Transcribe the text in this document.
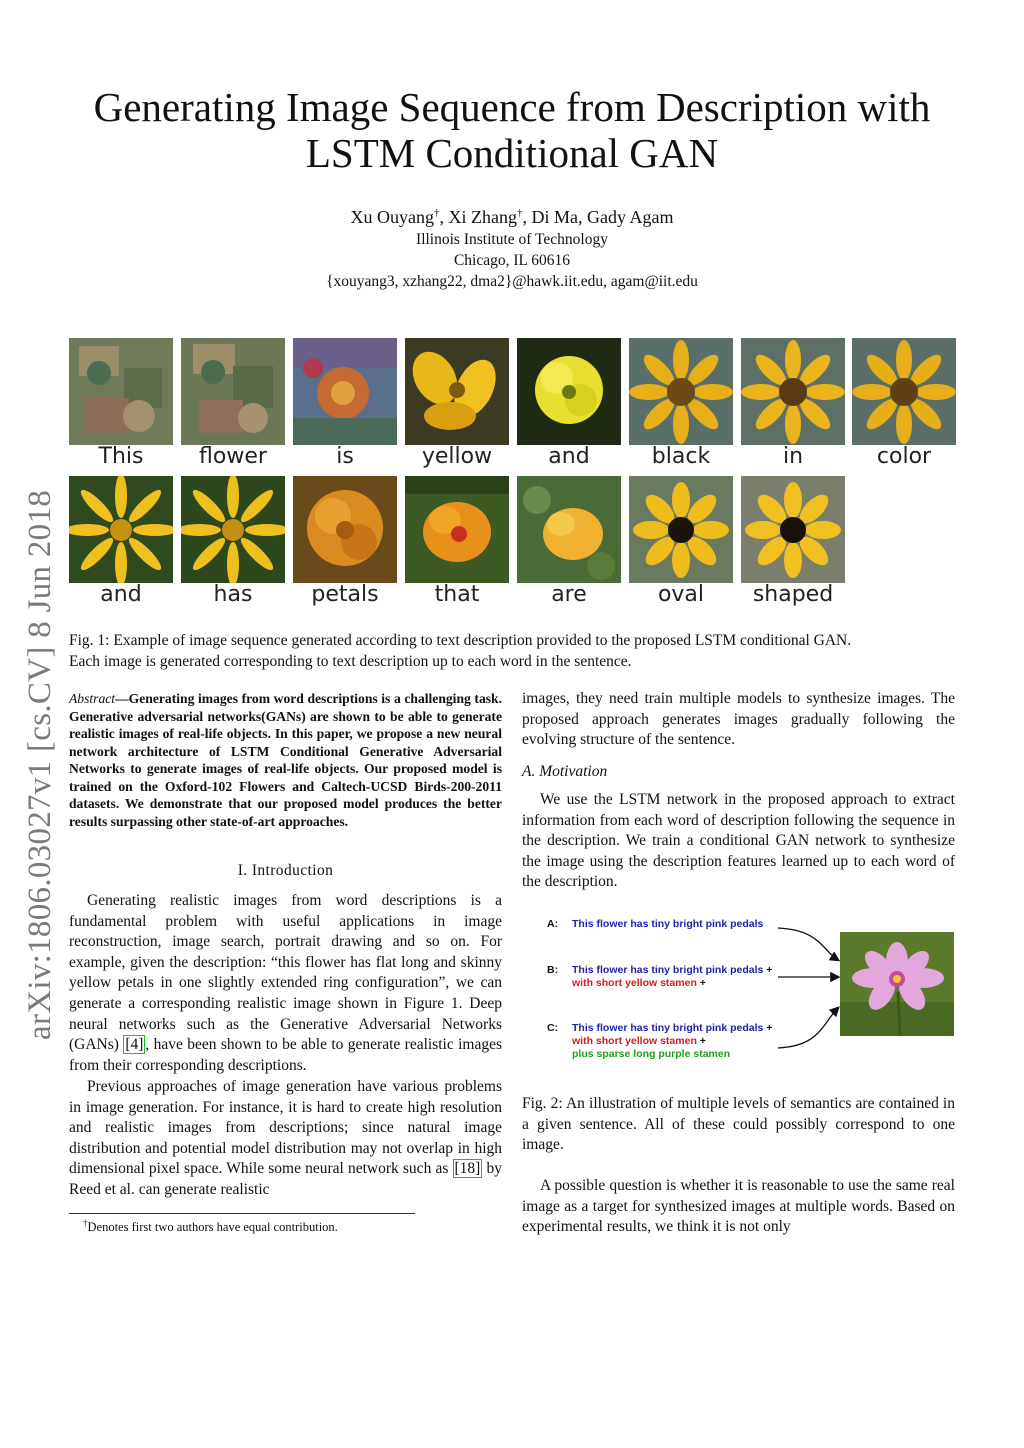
Generating Image Sequence from Description with
LSTM Conditional GAN
Xu Ouyang†, Xi Zhang†, Di Ma, Gady Agam
Illinois Institute of Technology
Chicago, IL 60616
{xouyang3, xzhang22, dma2}@hawk.iit.edu, agam@iit.edu
arXiv:1806.03027v1 [cs.CV] 8 Jun 2018
This	flower	is	yellow	and	black	in	color
and	has	petals	that	are	oval	shaped
Fig. 1: Example of image sequence generated according to text description provided to the proposed LSTM conditional GAN.
Each image is generated corresponding to text description up to each word in the sentence.
Abstract—Generating images from word descriptions is a challenging task. Generative adversarial networks(GANs) are shown to be able to generate realistic images of real-life objects. In this paper, we propose a new neural network architecture of LSTM Conditional Generative Adversarial Networks to generate images of real-life objects. Our proposed model is trained on the Oxford-102 Flowers and Caltech-UCSD Birds-200-2011 datasets. We demonstrate that our proposed model produces the better results surpassing other state-of-art approaches.
I. Introduction
Generating realistic images from word descriptions is a fundamental problem with useful applications in image reconstruction, image search, portrait drawing and so on. For example, given the description: “this flower has flat long and skinny yellow petals in one slightly extended ring configuration”, we can generate a corresponding realistic image shown in Figure 1. Deep neural networks such as the Generative Adversarial Networks (GANs) [4] , have been shown to be able to generate realistic images from their corresponding descriptions.
Previous approaches of image generation have various problems in image generation. For instance, it is hard to create high resolution and realistic images from descriptions; since natural image distribution and potential model distribution may not overlap in high dimensional pixel space. While some neural network such as [18] by Reed et al. can generate realistic
†Denotes first two authors have equal contribution.
images, they need train multiple models to synthesize images. The proposed approach generates images gradually following the evolving structure of the sentence.
A. Motivation
We use the LSTM network in the proposed approach to extract information from each word of description following the sequence in the description. We train a conditional GAN network to synthesize the image using the description features learned up to each word of the description.
A: This flower has tiny bright pink pedals
B: This flower has tiny bright pink pedals +
with short yellow stamen +
C: This flower has tiny bright pink pedals +
with short yellow stamen +
plus sparse long purple stamen
Fig. 2: An illustration of multiple levels of semantics are contained in a given sentence. All of these could possibly correspond to one image.
A possible question is whether it is reasonable to use the same real image as a target for synthesized images at multiple words. Based on experimental results, we think it is not only
